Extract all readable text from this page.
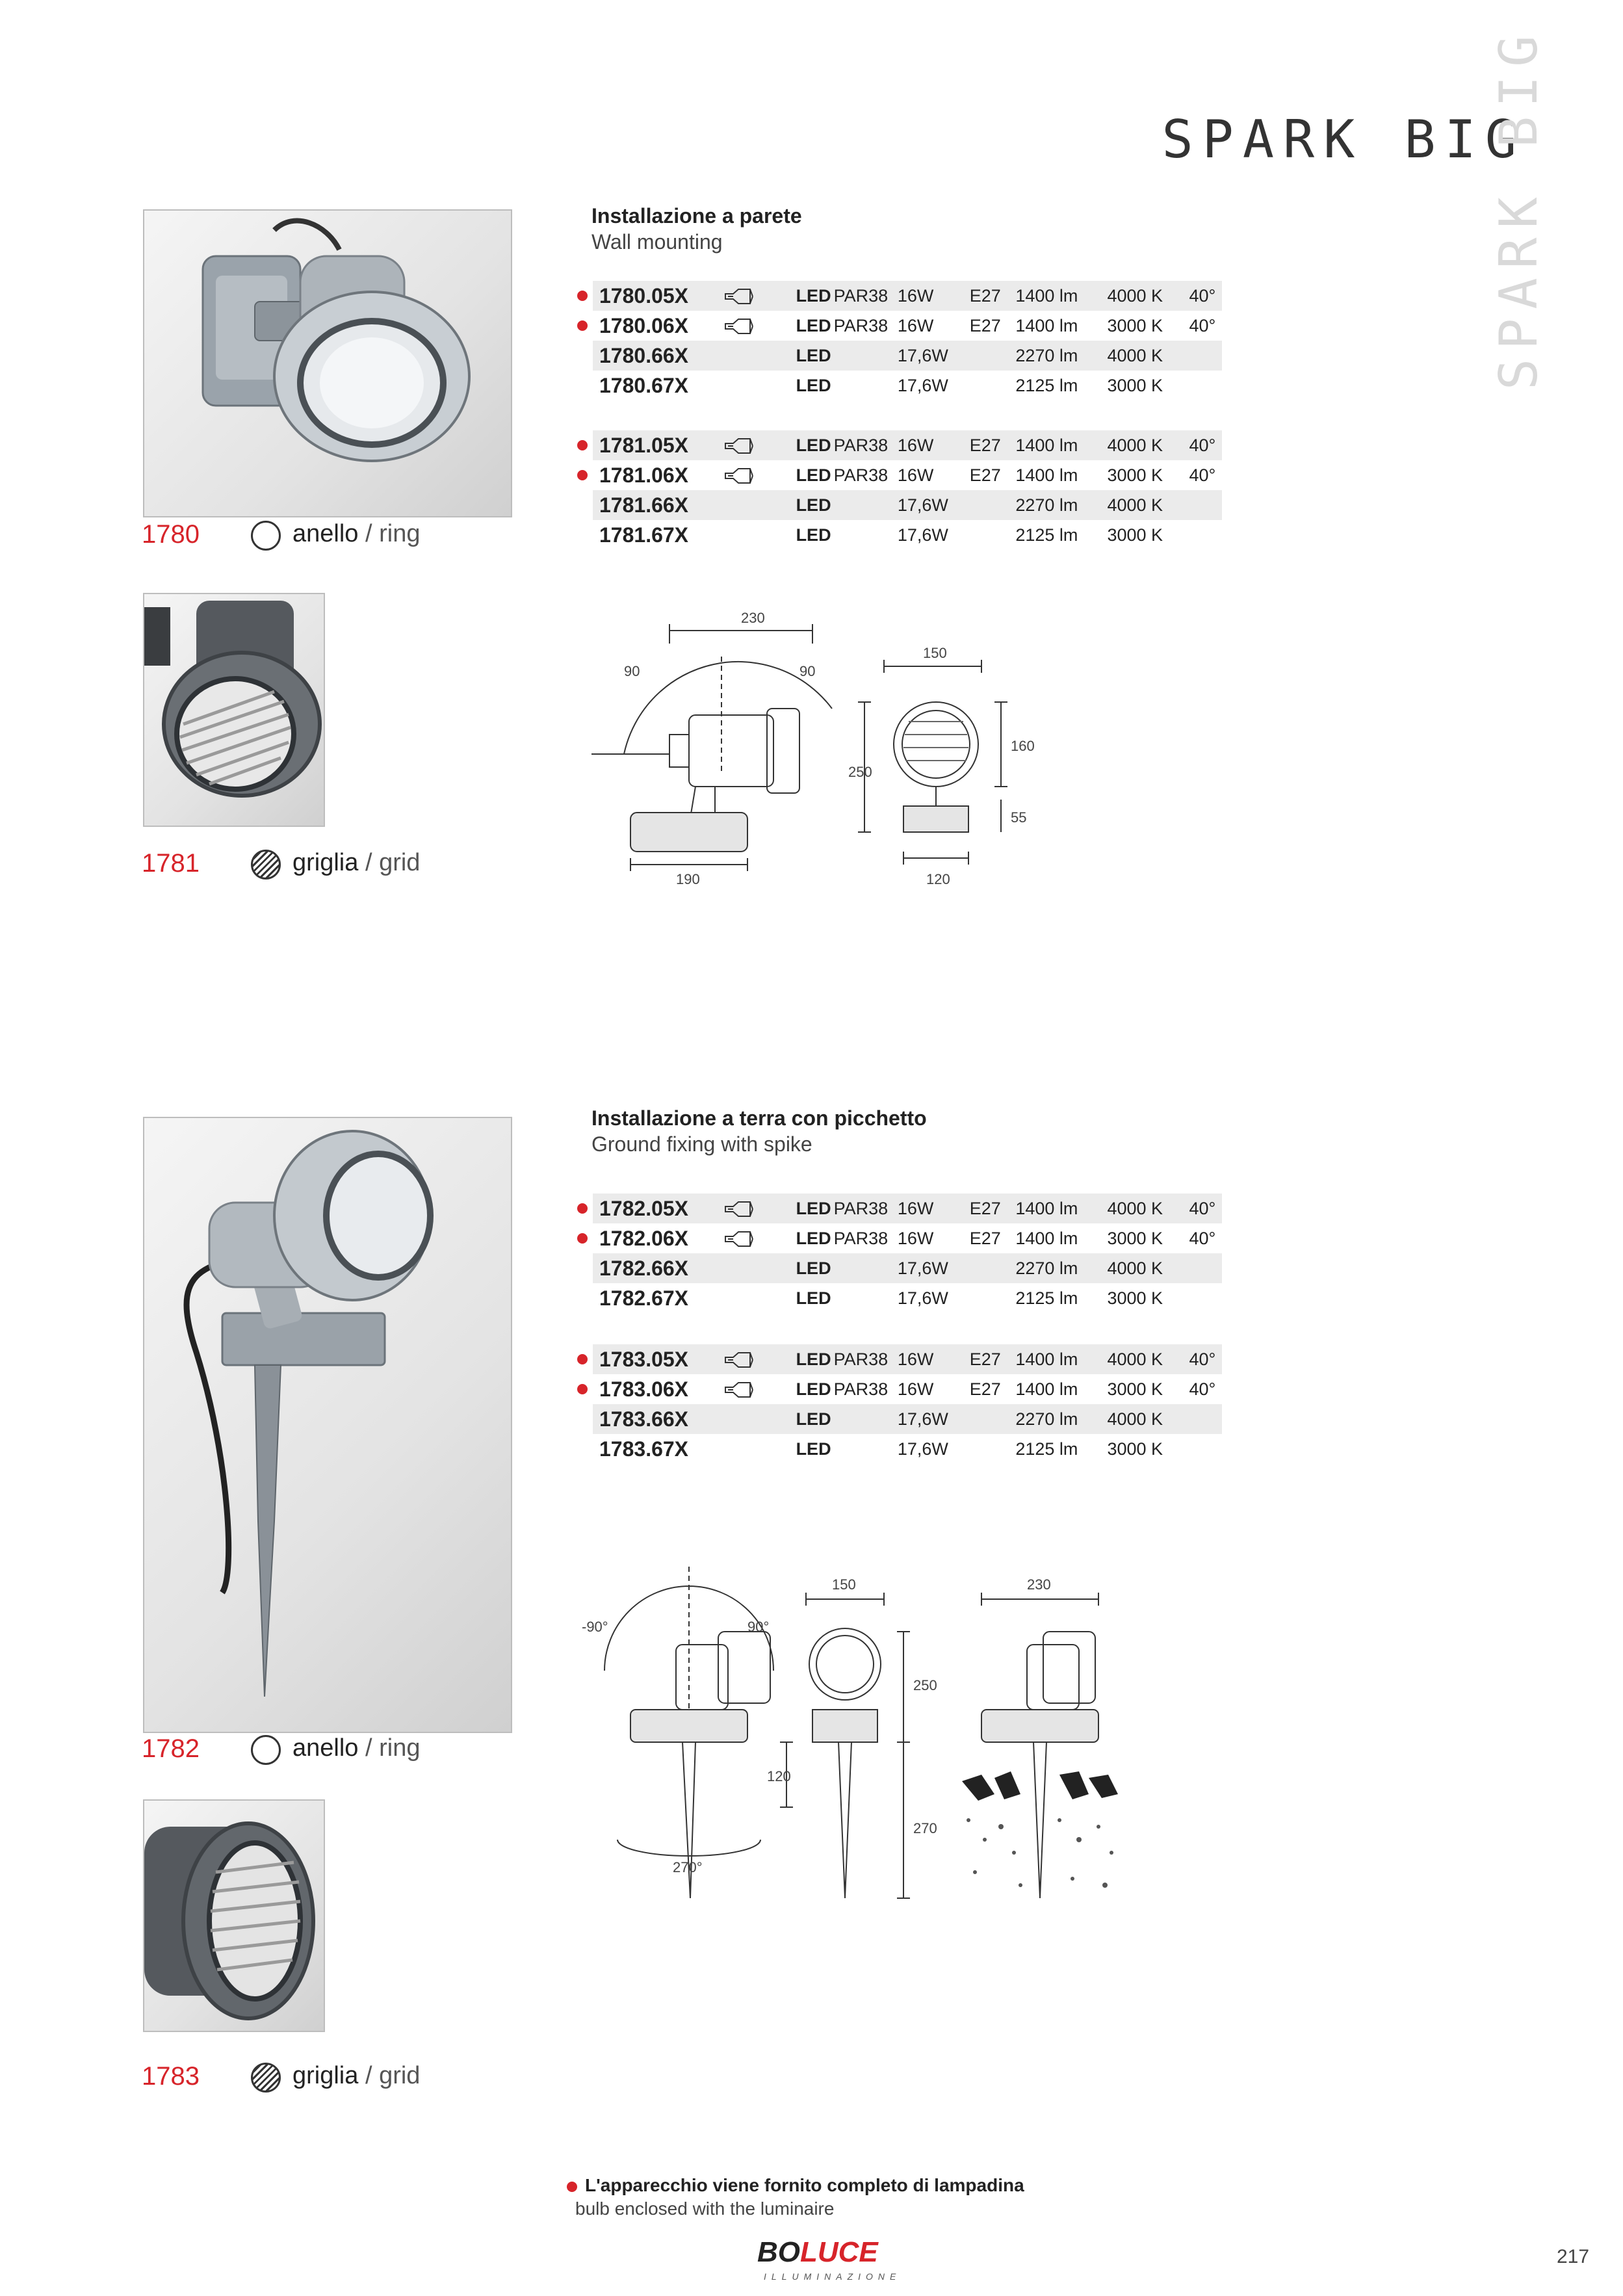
SPARK BIG
SPARK BIG
1780	anello / ring
1781	griglia / grid
1782	anello / ring
1783	griglia / grid
Installazione a parete
Wall mounting
Installazione a terra con picchetto
Ground fixing with spike
1780.05X		LED PAR38	16W	E27	1400 lm	4000 K	40°
1780.06X		LED PAR38	16W	E27	1400 lm	3000 K	40°
1780.66X		LED	17,6W		2270 lm	4000 K	
1780.67X		LED	17,6W		2125 lm	3000 K	
1781.05X		LED PAR38	16W	E27	1400 lm	4000 K	40°
1781.06X		LED PAR38	16W	E27	1400 lm	3000 K	40°
1781.66X		LED	17,6W		2270 lm	4000 K	
1781.67X		LED	17,6W		2125 lm	3000 K	
1782.05X		LED PAR38	16W	E27	1400 lm	4000 K	40°
1782.06X		LED PAR38	16W	E27	1400 lm	3000 K	40°
1782.66X		LED	17,6W		2270 lm	4000 K	
1782.67X		LED	17,6W		2125 lm	3000 K	
1783.05X		LED PAR38	16W	E27	1400 lm	4000 K	40°
1783.06X		LED PAR38	16W	E27	1400 lm	3000 K	40°
1783.66X		LED	17,6W		2270 lm	4000 K	
1783.67X		LED	17,6W		2125 lm	3000 K	
230
90	90
150
250
160
55
190	120
-90°	90°
150	230
250
120
270
270°
L'apparecchio viene fornito completo di lampadina
bulb enclosed with the luminaire
BOLUCE
ILLUMINAZIONE
217
